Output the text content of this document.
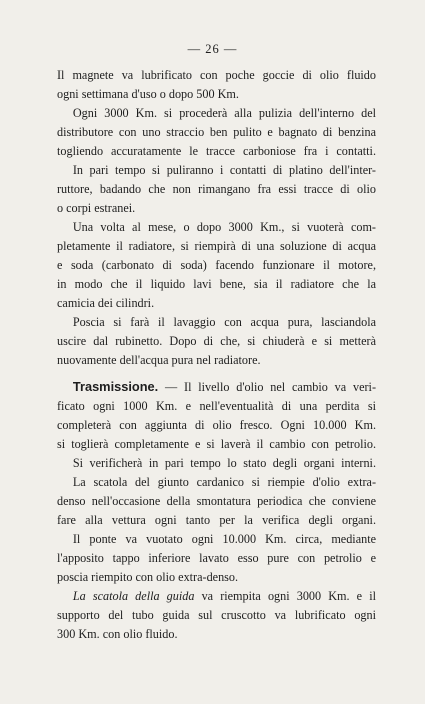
— 26 —
Il magnete va lubrificato con poche goccie di olio fluido
ogni settimana d'uso o dopo 500 Km.
Ogni 3000 Km. si procederà alla pulizia dell'interno del
distributore con uno straccio ben pulito e bagnato di benzina
togliendo accuratamente le tracce carboniose fra i contatti.
In pari tempo si puliranno i contatti di platino dell'inter-
ruttore, badando che non rimangano fra essi tracce di olio
o corpi estranei.
Una volta al mese, o dopo 3000 Km., si vuoterà com-
pletamente il radiatore, si riempirà di una soluzione di acqua
e soda (carbonato di soda) facendo funzionare il motore,
in modo che il liquido lavi bene, sia il radiatore che la
camicia dei cilindri.
Poscia si farà il lavaggio con acqua pura, lasciandola
uscire dal rubinetto. Dopo di che, si chiuderà e si metterà
nuovamente dell'acqua pura nel radiatore.
Trasmissione. — Il livello d'olio nel cambio va veri-
ficato ogni 1000 Km. e nell'eventualità di una perdita si
completerà con aggiunta di olio fresco. Ogni 10.000 Km.
si toglierà completamente e si laverà il cambio con petrolio.
Si verificherà in pari tempo lo stato degli organi interni.
La scatola del giunto cardanico si riempie d'olio extra-
denso nell'occasione della smontatura periodica che conviene
fare alla vettura ogni tanto per la verifica degli organi.
Il ponte va vuotato ogni 10.000 Km. circa, mediante
l'apposito tappo inferiore lavato esso pure con petrolio e
poscia riempito con olio extra-denso.
La scatola della guida va riempita ogni 3000 Km. e il
supporto del tubo guida sul cruscotto va lubrificato ogni
300 Km. con olio fluido.
